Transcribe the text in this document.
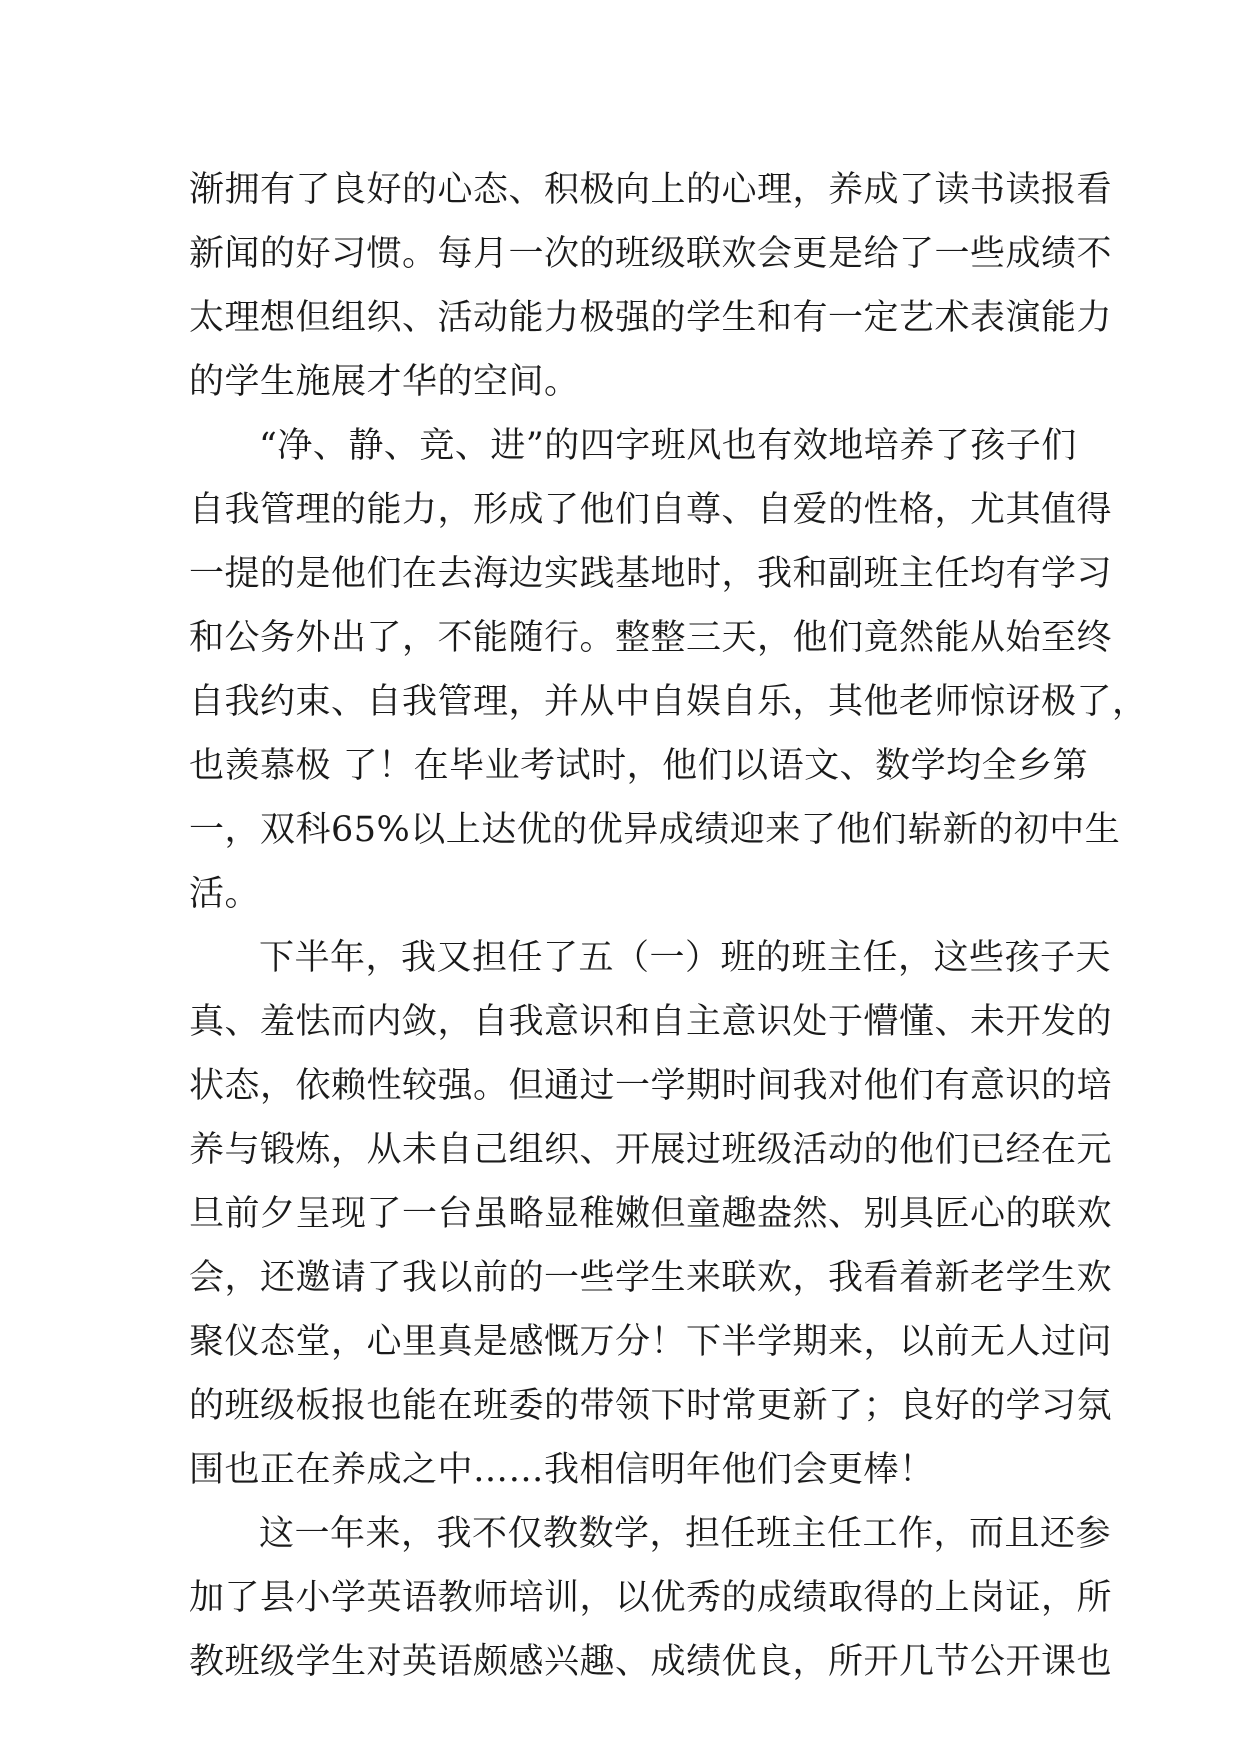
渐拥有了良好的心态、积极向上的心理，养成了读书读报看
新闻的好习惯。每月一次的班级联欢会更是给了一些成绩不
太理想但组织、活动能力极强的学生和有一定艺术表演能力
的学生施展才华的空间。
“净、静、竞、进”的四字班风也有效地培养了孩子们
自我管理的能力，形成了他们自尊、自爱的性格，尤其值得
一提的是他们在去海边实践基地时，我和副班主任均有学习
和公务外出了，不能随行。整整三天，他们竟然能从始至终
自我约束、自我管理，并从中自娱自乐，其他老师惊讶极了，
也羡慕极 了！在毕业考试时，他们以语文、数学均全乡第
一，双科65%以上达优的优异成绩迎来了他们崭新的初中生
活。
下半年，我又担任了五（一）班的班主任，这些孩子天
真、羞怯而内敛，自我意识和自主意识处于懵懂、未开发的
状态，依赖性较强。但通过一学期时间我对他们有意识的培
养与锻炼，从未自己组织、开展过班级活动的他们已经在元
旦前夕呈现了一台虽略显稚嫩但童趣盎然、别具匠心的联欢
会，还邀请了我以前的一些学生来联欢，我看着新老学生欢
聚仪态堂，心里真是感慨万分！下半学期来，以前无人过问
的班级板报也能在班委的带领下时常更新了；良好的学习氛
围也正在养成之中……我相信明年他们会更棒！
这一年来，我不仅教数学，担任班主任工作，而且还参
加了县小学英语教师培训，以优秀的成绩取得的上岗证，所
教班级学生对英语颇感兴趣、成绩优良，所开几节公开课也
